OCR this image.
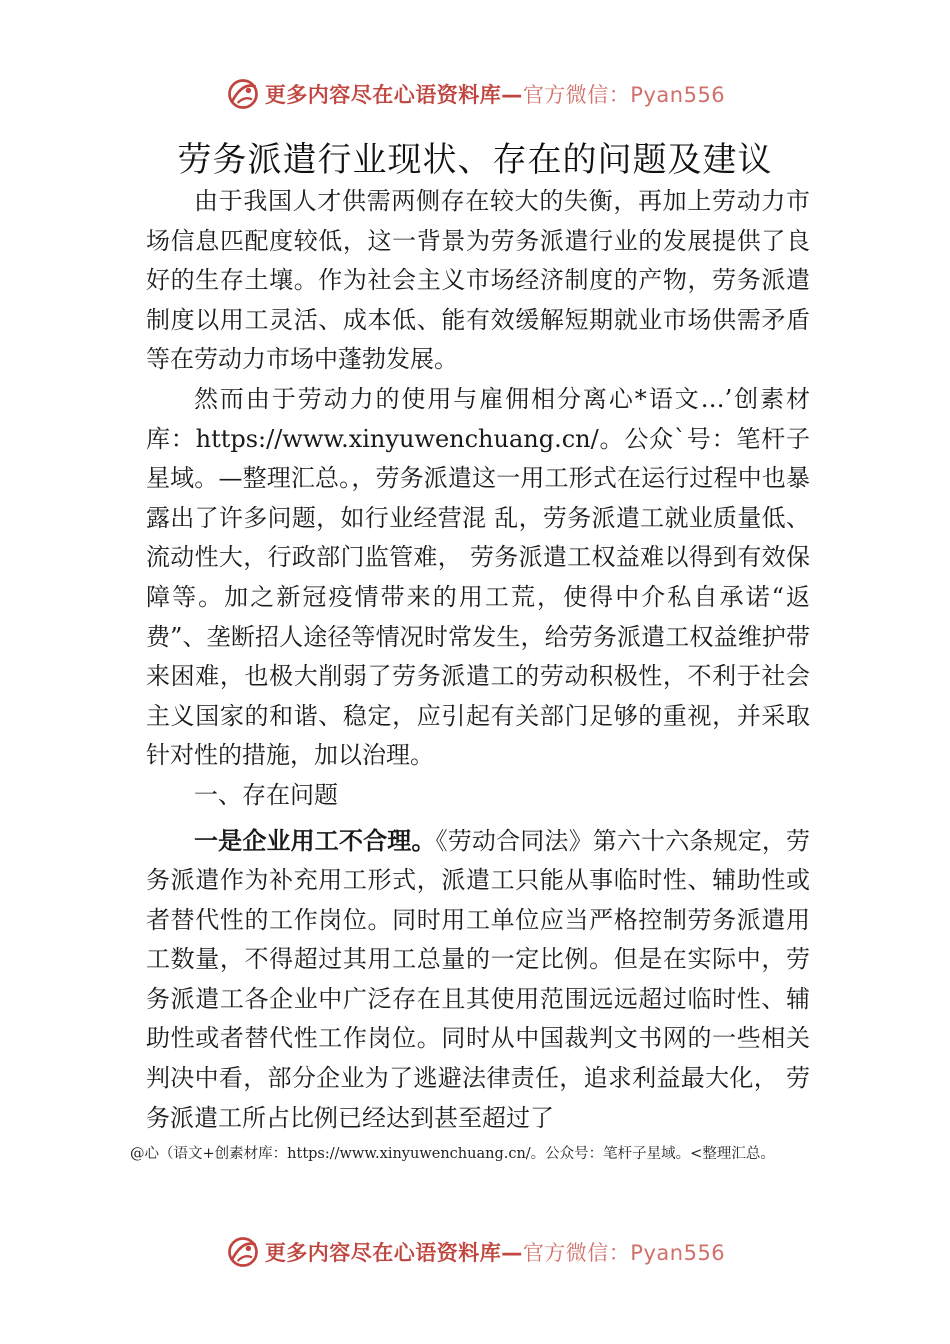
更多内容尽在心语资料库— 官方微信：Pyan556
劳务派遣行业现状、存在的问题及建议

由于我国人才供需两侧存在较大的失衡，再加上劳动力市场信息匹配度较低，这一背景为劳务派遣行业的发展提供了良好的生存土壤。作为社会主义市场经济制度的产物，劳务派遣制度以用工灵活、成本低、能有效缓解短期就业市场供需矛盾等在劳动力市场中蓬勃发展。

然而由于劳动力的使用与雇佣相分离心*语文…’创素材库：https://www.xinyuwenchuang.cn/。公众`号：笔杆子星域。—整理汇总。，劳务派遣这一用工形式在运行过程中也暴露出了许多问题，如行业经营混 乱，劳务派遣工就业质量低、流动性大，行政部门监管难， 劳务派遣工权益难以得到有效保障等。加之新冠疫情带来的用工荒，使得中介私自承诺“返费”、垄断招人途径等情况时常发生，给劳务派遣工权益维护带来困难，也极大削弱了劳务派遣工的劳动积极性，不利于社会主义国家的和谐、稳定，应引起有关部门足够的重视，并采取针对性的措施，加以治理。

一、存在问题

一是企业用工不合理。《劳动合同法》第六十六条规定，劳务派遣作为补充用工形式，派遣工只能从事临时性、辅助性或者替代性的工作岗位。同时用工单位应当严格控制劳务派遣用工数量，不得超过其用工总量的一定比例。但是在实际中，劳务派遣工各企业中广泛存在且其使用范围远远超过临时性、辅助性或者替代性工作岗位。同时从中国裁判文书网的一些相关判决中看，部分企业为了逃避法律责任，追求利益最大化， 劳务派遣工所占比例已经达到甚至超过了

@心（语文+创素材库：https://www.xinyuwenchuang.cn/。公众号：笔杆子星域。<整理汇总。
更多内容尽在心语资料库— 官方微信：Pyan556
